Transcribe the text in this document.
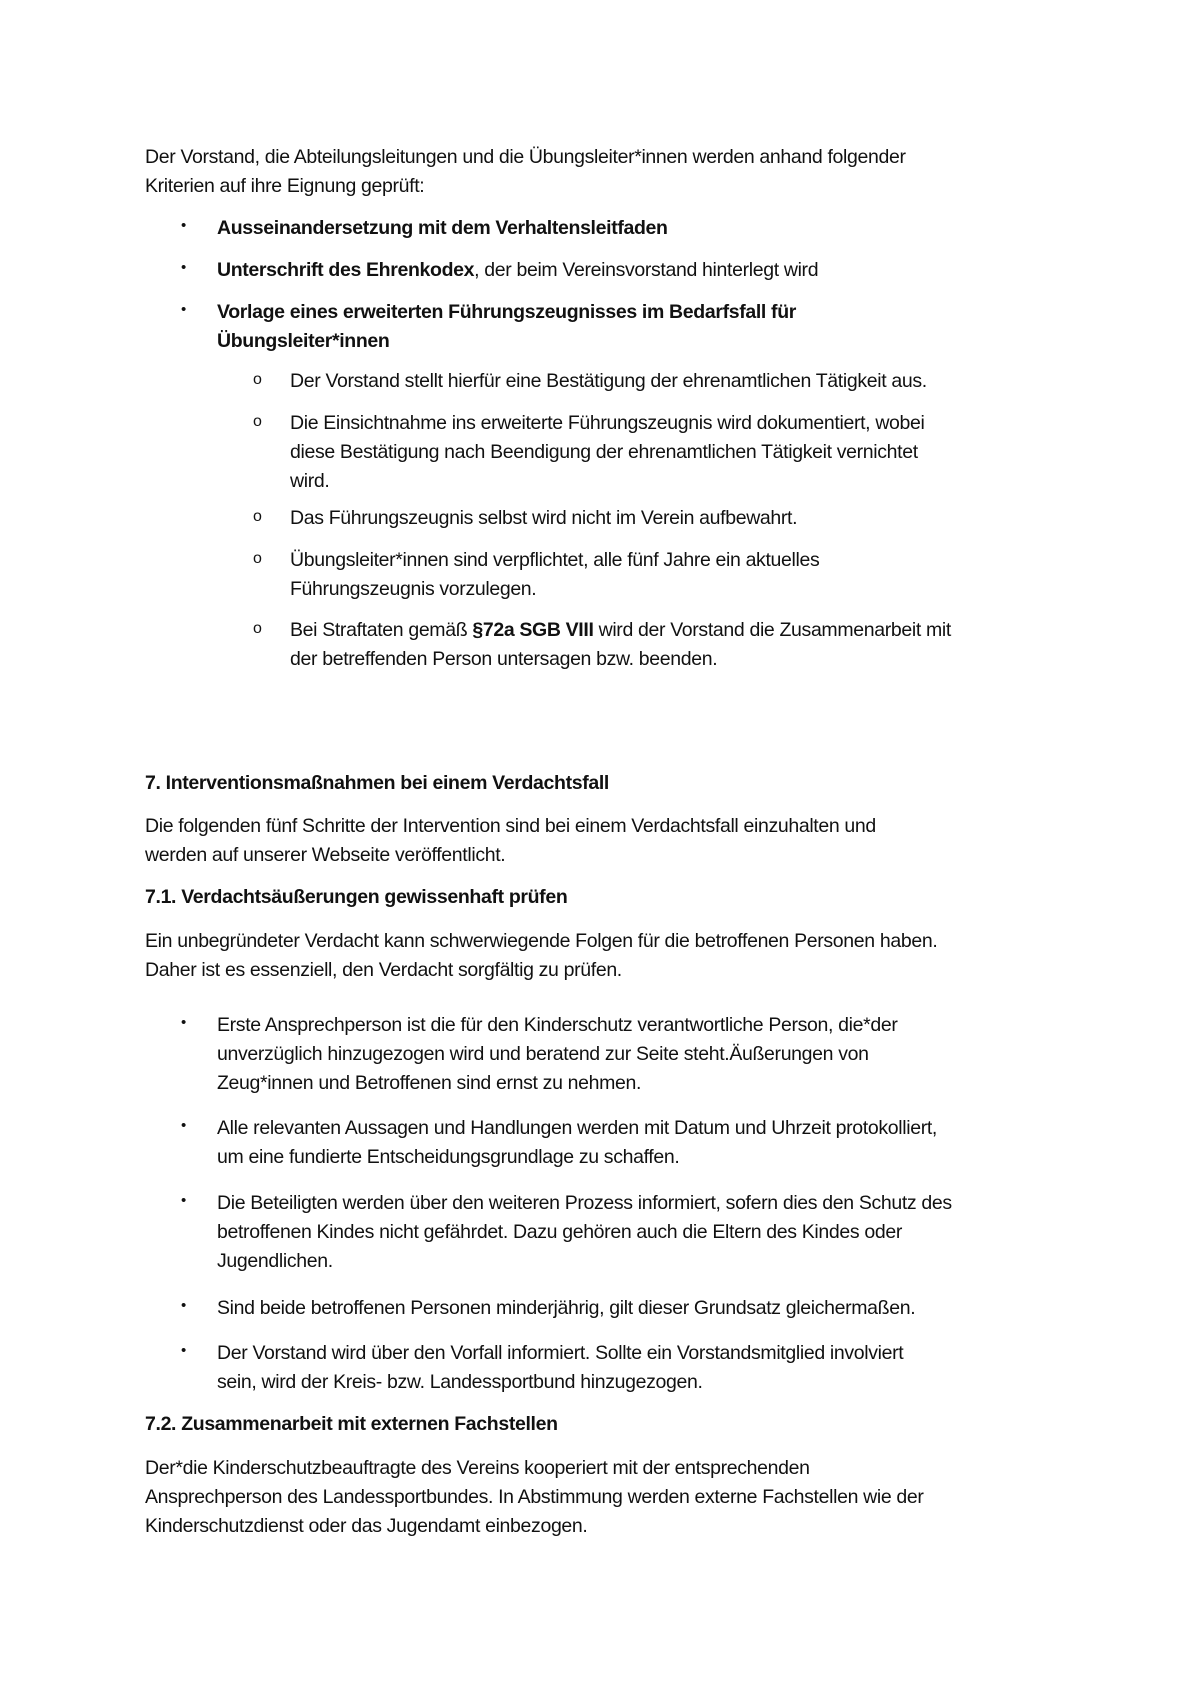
Der Vorstand, die Abteilungsleitungen und die Übungsleiter*innen werden anhand folgender
Kriterien auf ihre Eignung geprüft:
• Ausseinandersetzung mit dem Verhaltensleitfaden
• Unterschrift des Ehrenkodex, der beim Vereinsvorstand hinterlegt wird
• Vorlage eines erweiterten Führungszeugnisses im Bedarfsfall für
Übungsleiter*innen
o Der Vorstand stellt hierfür eine Bestätigung der ehrenamtlichen Tätigkeit aus.
o Die Einsichtnahme ins erweiterte Führungszeugnis wird dokumentiert, wobei
diese Bestätigung nach Beendigung der ehrenamtlichen Tätigkeit vernichtet
wird.
o Das Führungszeugnis selbst wird nicht im Verein aufbewahrt.
o Übungsleiter*innen sind verpflichtet, alle fünf Jahre ein aktuelles
Führungszeugnis vorzulegen.
o Bei Straftaten gemäß §72a SGB VIII wird der Vorstand die Zusammenarbeit mit
der betreffenden Person untersagen bzw. beenden.
7. Interventionsmaßnahmen bei einem Verdachtsfall
Die folgenden fünf Schritte der Intervention sind bei einem Verdachtsfall einzuhalten und
werden auf unserer Webseite veröffentlicht.
7.1. Verdachtsäußerungen gewissenhaft prüfen
Ein unbegründeter Verdacht kann schwerwiegende Folgen für die betroffenen Personen haben.
Daher ist es essenziell, den Verdacht sorgfältig zu prüfen.
• Erste Ansprechperson ist die für den Kinderschutz verantwortliche Person, die*der
unverzüglich hinzugezogen wird und beratend zur Seite steht.Äußerungen von
Zeug*innen und Betroffenen sind ernst zu nehmen.
• Alle relevanten Aussagen und Handlungen werden mit Datum und Uhrzeit protokolliert,
um eine fundierte Entscheidungsgrundlage zu schaffen.
• Die Beteiligten werden über den weiteren Prozess informiert, sofern dies den Schutz des
betroffenen Kindes nicht gefährdet. Dazu gehören auch die Eltern des Kindes oder
Jugendlichen.
• Sind beide betroffenen Personen minderjährig, gilt dieser Grundsatz gleichermaßen.
• Der Vorstand wird über den Vorfall informiert. Sollte ein Vorstandsmitglied involviert
sein, wird der Kreis- bzw. Landessportbund hinzugezogen.
7.2. Zusammenarbeit mit externen Fachstellen
Der*die Kinderschutzbeauftragte des Vereins kooperiert mit der entsprechenden
Ansprechperson des Landessportbundes. In Abstimmung werden externe Fachstellen wie der
Kinderschutzdienst oder das Jugendamt einbezogen.
